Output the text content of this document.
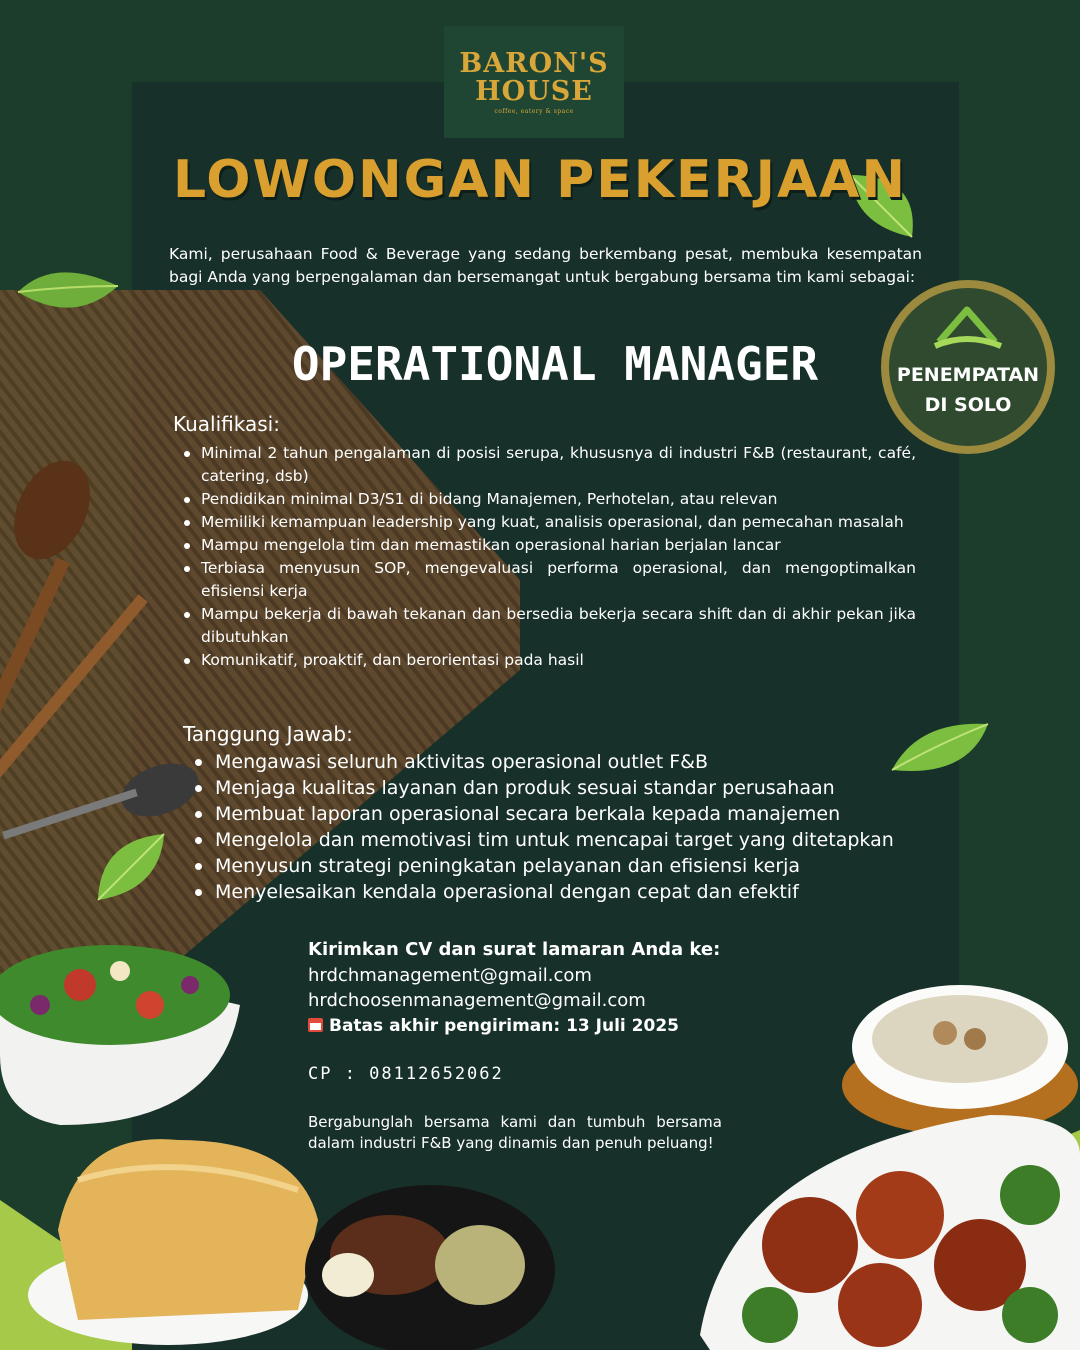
BARON'S
HOUSE
coffee, eatery & space
LOWONGAN PEKERJAAN
Kami, perusahaan Food & Beverage yang sedang berkembang pesat, membuka kesempatan bagi Anda yang berpengalaman dan bersemangat untuk bergabung bersama tim kami sebagai:
OPERATIONAL MANAGER	PENEMPATAN
DI SOLO
Kualifikasi:
Minimal 2 tahun pengalaman di posisi serupa, khususnya di industri F&B (restaurant, café, catering, dsb)
Pendidikan minimal D3/S1 di bidang Manajemen, Perhotelan, atau relevan
Memiliki kemampuan leadership yang kuat, analisis operasional, dan pemecahan masalah
Mampu mengelola tim dan memastikan operasional harian berjalan lancar
Terbiasa menyusun SOP, mengevaluasi performa operasional, dan mengoptimalkan efisiensi kerja
Mampu bekerja di bawah tekanan dan bersedia bekerja secara shift dan di akhir pekan jika dibutuhkan
Komunikatif, proaktif, dan berorientasi pada hasil
Tanggung Jawab:
Mengawasi seluruh aktivitas operasional outlet F&B
Menjaga kualitas layanan dan produk sesuai standar perusahaan
Membuat laporan operasional secara berkala kepada manajemen
Mengelola dan memotivasi tim untuk mencapai target yang ditetapkan
Menyusun strategi peningkatan pelayanan dan efisiensi kerja
Menyelesaikan kendala operasional dengan cepat dan efektif
Kirimkan CV dan surat lamaran Anda ke:
hrdchmanagement@gmail.com
hrdchoosenmanagement@gmail.com
Batas akhir pengiriman: 13 Juli 2025
CP : 08112652062
Bergabunglah bersama kami dan tumbuh bersama dalam industri F&B yang dinamis dan penuh peluang!
